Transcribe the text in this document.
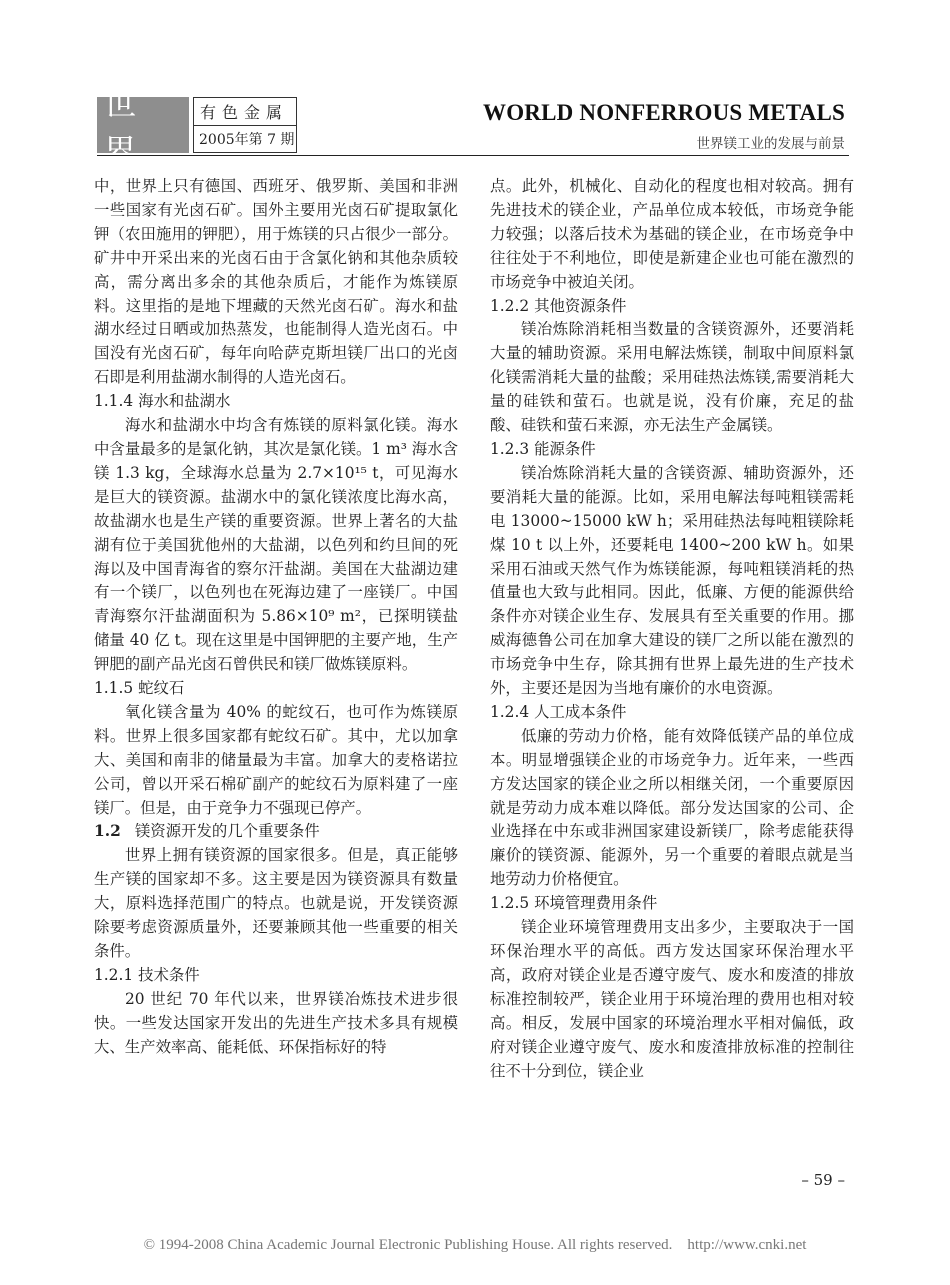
世界
有色金属
2005年第 7 期
WORLD NONFERROUS METALS
世界镁工业的发展与前景

中，世界上只有德国、西班牙、俄罗斯、美国和非洲一些国家有光卤石矿。国外主要用光卤石矿提取氯化钾（农田施用的钾肥），用于炼镁的只占很少一部分。矿井中开采出来的光卤石由于含氯化钠和其他杂质较高，需分离出多余的其他杂质后，才能作为炼镁原料。这里指的是地下埋藏的天然光卤石矿。海水和盐湖水经过日晒或加热蒸发，也能制得人造光卤石。中国没有光卤石矿，每年向哈萨克斯坦镁厂出口的光卤石即是利用盐湖水制得的人造光卤石。

1.1.4 海水和盐湖水

海水和盐湖水中均含有炼镁的原料氯化镁。海水中含量最多的是氯化钠，其次是氯化镁。1 m³ 海水含镁 1.3 kg，全球海水总量为 2.7×10¹⁵ t，可见海水是巨大的镁资源。盐湖水中的氯化镁浓度比海水高，故盐湖水也是生产镁的重要资源。世界上著名的大盐湖有位于美国犹他州的大盐湖，以色列和约旦间的死海以及中国青海省的察尔汗盐湖。美国在大盐湖边建有一个镁厂，以色列也在死海边建了一座镁厂。中国青海察尔汗盐湖面积为 5.86×10⁹ m²，已探明镁盐储量 40 亿 t。现在这里是中国钾肥的主要产地，生产钾肥的副产品光卤石曾供民和镁厂做炼镁原料。

1.1.5 蛇纹石

氧化镁含量为 40% 的蛇纹石，也可作为炼镁原料。世界上很多国家都有蛇纹石矿。其中，尤以加拿大、美国和南非的储量最为丰富。加拿大的麦格诺拉公司，曾以开采石棉矿副产的蛇纹石为原料建了一座镁厂。但是，由于竞争力不强现已停产。

1.2 镁资源开发的几个重要条件

世界上拥有镁资源的国家很多。但是，真正能够生产镁的国家却不多。这主要是因为镁资源具有数量大，原料选择范围广的特点。也就是说，开发镁资源除要考虑资源质量外，还要兼顾其他一些重要的相关条件。

1.2.1 技术条件

20 世纪 70 年代以来，世界镁冶炼技术进步很快。一些发达国家开发出的先进生产技术多具有规模大、生产效率高、能耗低、环保指标好的特

点。此外，机械化、自动化的程度也相对较高。拥有先进技术的镁企业，产品单位成本较低，市场竞争能力较强；以落后技术为基础的镁企业，在市场竞争中往往处于不利地位，即使是新建企业也可能在激烈的市场竞争中被迫关闭。

1.2.2 其他资源条件

镁冶炼除消耗相当数量的含镁资源外，还要消耗大量的辅助资源。采用电解法炼镁，制取中间原料氯化镁需消耗大量的盐酸；采用硅热法炼镁,需要消耗大量的硅铁和萤石。也就是说，没有价廉，充足的盐酸、硅铁和萤石来源，亦无法生产金属镁。

1.2.3 能源条件

镁冶炼除消耗大量的含镁资源、辅助资源外，还要消耗大量的能源。比如，采用电解法每吨粗镁需耗电 13000~15000 kW h；采用硅热法每吨粗镁除耗煤 10 t 以上外，还要耗电 1400~200 kW h。如果采用石油或天然气作为炼镁能源，每吨粗镁消耗的热值量也大致与此相同。因此，低廉、方便的能源供给条件亦对镁企业生存、发展具有至关重要的作用。挪威海德鲁公司在加拿大建设的镁厂之所以能在激烈的市场竞争中生存，除其拥有世界上最先进的生产技术外，主要还是因为当地有廉价的水电资源。

1.2.4 人工成本条件

低廉的劳动力价格，能有效降低镁产品的单位成本。明显增强镁企业的市场竞争力。近年来，一些西方发达国家的镁企业之所以相继关闭，一个重要原因就是劳动力成本难以降低。部分发达国家的公司、企业选择在中东或非洲国家建设新镁厂，除考虑能获得廉价的镁资源、能源外，另一个重要的着眼点就是当地劳动力价格便宜。

1.2.5 环境管理费用条件

镁企业环境管理费用支出多少，主要取决于一国环保治理水平的高低。西方发达国家环保治理水平高，政府对镁企业是否遵守废气、废水和废渣的排放标准控制较严，镁企业用于环境治理的费用也相对较高。相反，发展中国家的环境治理水平相对偏低，政府对镁企业遵守废气、废水和废渣排放标准的控制往往不十分到位，镁企业

– 59 –
© 1994-2008 China Academic Journal Electronic Publishing House. All rights reserved.    http://www.cnki.net
